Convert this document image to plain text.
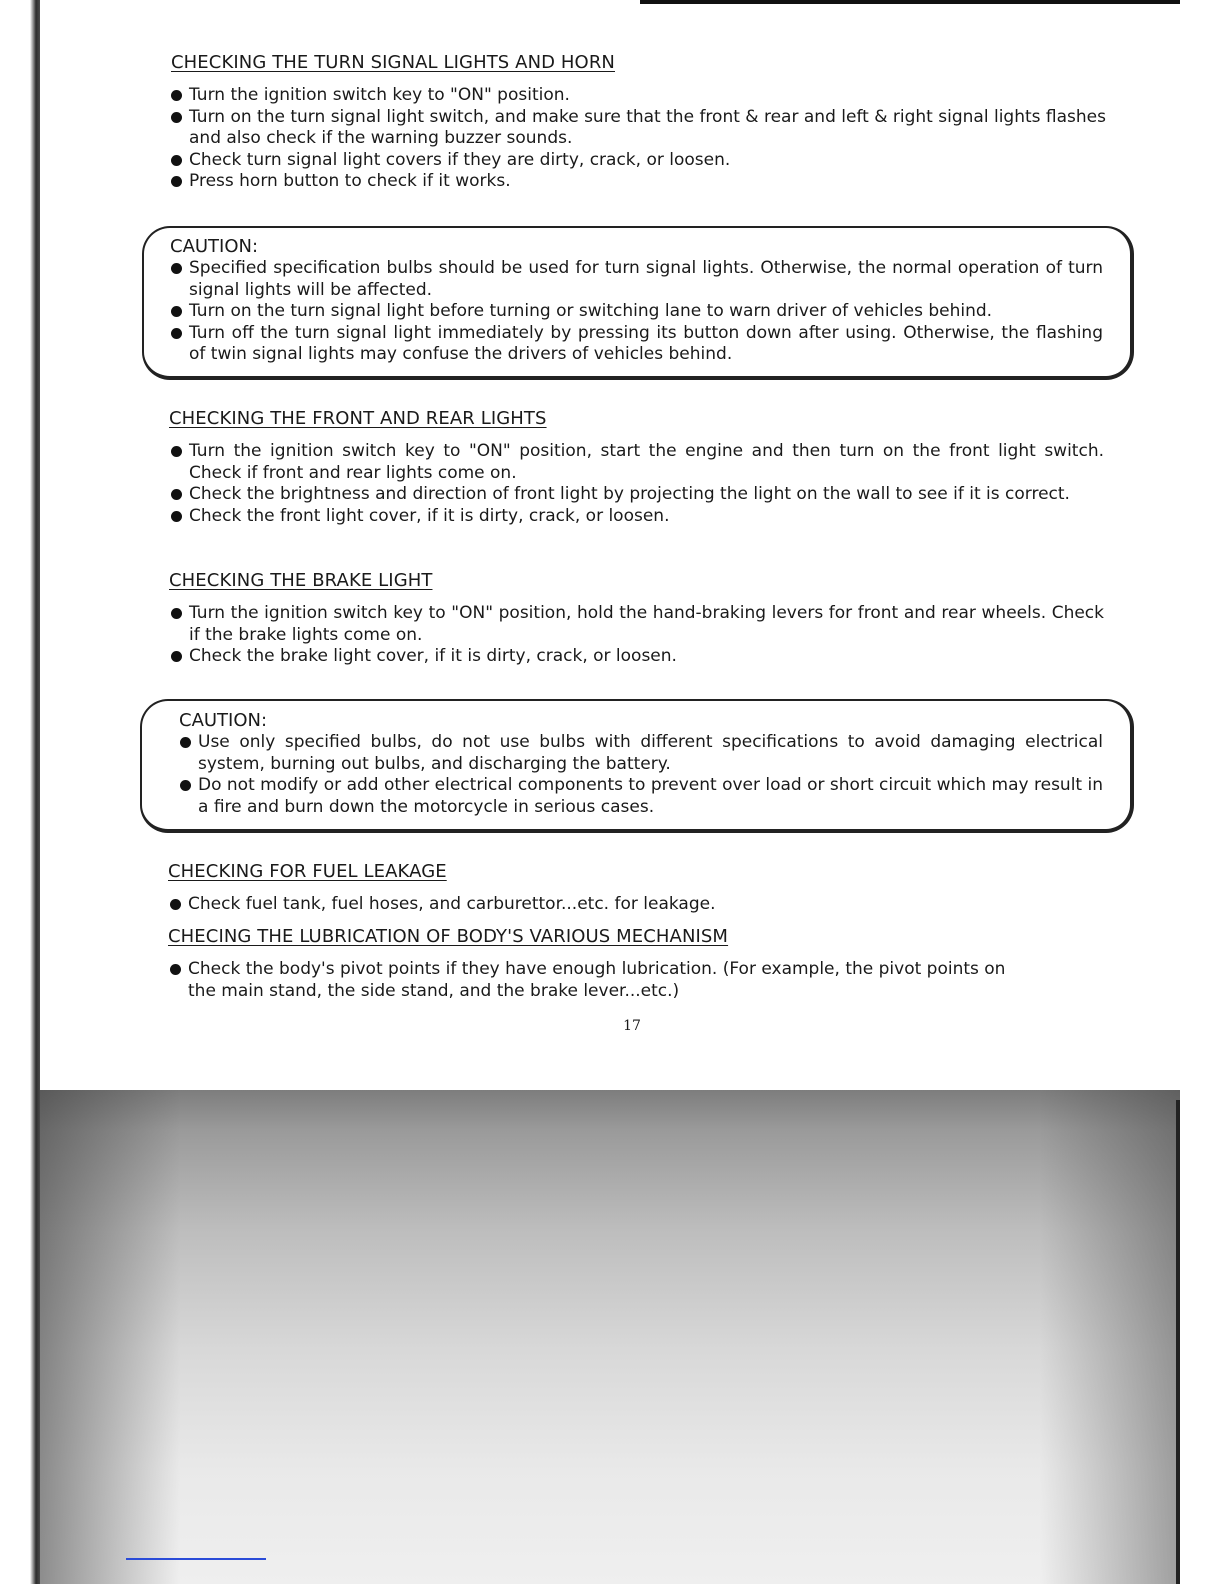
CHECKING THE TURN SIGNAL LIGHTS AND HORN
Turn the ignition switch key to "ON" position.
Turn on the turn signal light switch, and make sure that the front & rear and left & right signal lights flashes and also check if the warning buzzer sounds.
Check turn signal light covers if they are dirty, crack, or loosen.
Press horn button to check if it works.
CAUTION:
Specified specification bulbs should be used for turn signal lights. Otherwise, the normal operation of turn signal lights will be affected.
Turn on the turn signal light before turning or switching lane to warn driver of vehicles behind.
Turn off the turn signal light immediately by pressing its button down after using. Otherwise, the flashing of twin signal lights may confuse the drivers of vehicles behind.
CHECKING THE FRONT AND REAR LIGHTS
Turn the ignition switch key to "ON" position, start the engine and then turn on the front light switch. Check if front and rear lights come on.
Check the brightness and direction of front light by projecting the light on the wall to see if it is correct.
Check the front light cover, if it is dirty, crack, or loosen.
CHECKING THE BRAKE LIGHT
Turn the ignition switch key to "ON" position, hold the hand-braking levers for front and rear wheels. Check if the brake lights come on.
Check the brake light cover, if it is dirty, crack, or loosen.
CAUTION:
Use only specified bulbs, do not use bulbs with different specifications to avoid damaging electrical system, burning out bulbs, and discharging the battery.
Do not modify or add other electrical components to prevent over load or short circuit which may result in a fire and burn down the motorcycle in serious cases.
CHECKING FOR FUEL LEAKAGE
Check fuel tank, fuel hoses, and carburettor...etc. for leakage.
CHECING THE LUBRICATION OF BODY'S VARIOUS MECHANISM
Check the body's pivot points if they have enough lubrication. (For example, the pivot points on the main stand, the side stand, and the brake lever...etc.)
17
